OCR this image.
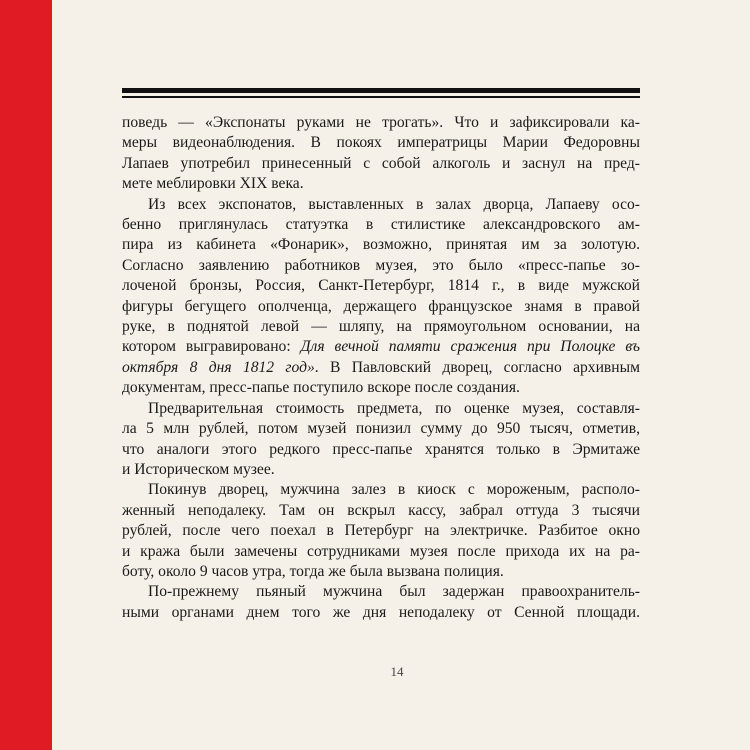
поведь — «Экспонаты руками не трогать». Что и зафиксировали ка-
меры видеонаблюдения. В покоях императрицы Марии Федоровны
Лапаев употребил принесенный с собой алкоголь и заснул на пред-
мете меблировки XIX века.

Из всех экспонатов, выставленных в залах дворца, Лапаеву осо-
бенно приглянулась статуэтка в стилистике александровского ам-
пира из кабинета «Фонарик», возможно, принятая им за золотую.
Согласно заявлению работников музея, это было «пресс-папье зо-
лоченой бронзы, Россия, Санкт-Петербург, 1814 г., в виде мужской
фигуры бегущего ополченца, держащего французское знамя в правой
руке, в поднятой левой — шляпу, на прямоугольном основании, на
котором выгравировано: Для вечной памяти сражения при Полоцке въ
октября 8 дня 1812 год». В Павловский дворец, согласно архивным
документам, пресс-папье поступило вскоре после создания.

Предварительная стоимость предмета, по оценке музея, составля-
ла 5 млн рублей, потом музей понизил сумму до 950 тысяч, отметив,
что аналоги этого редкого пресс-папье хранятся только в Эрмитаже
и Историческом музее.

Покинув дворец, мужчина залез в киоск с мороженым, располо-
женный неподалеку. Там он вскрыл кассу, забрал оттуда 3 тысячи
рублей, после чего поехал в Петербург на электричке. Разбитое окно
и кража были замечены сотрудниками музея после прихода их на ра-
боту, около 9 часов утра, тогда же была вызвана полиция.

По-прежнему пьяный мужчина был задержан правоохранитель-
ными органами днем того же дня неподалеку от Сенной площади.

14
